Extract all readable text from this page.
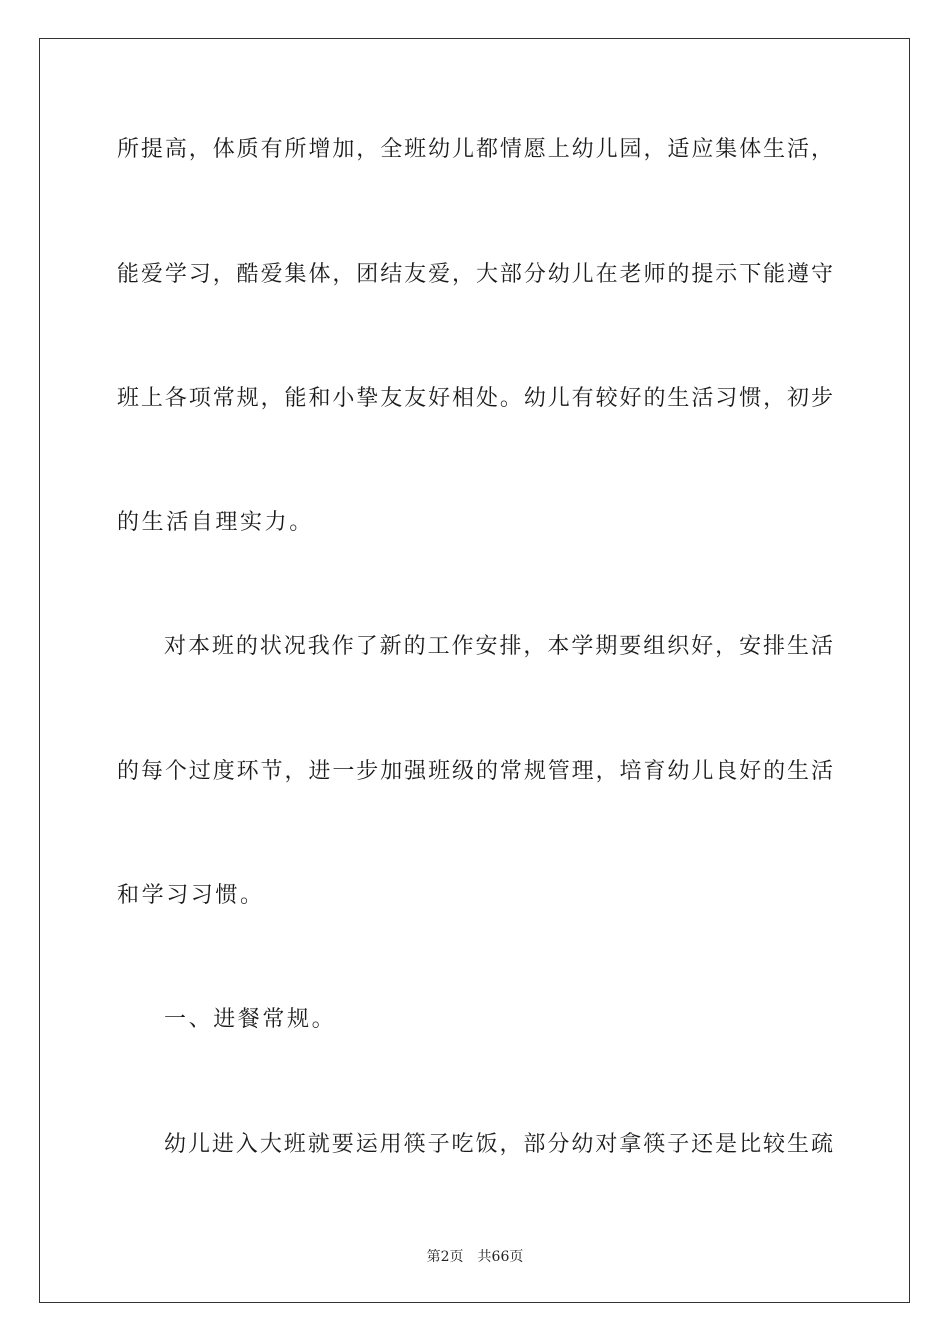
所提高，体质有所增加，全班幼儿都情愿上幼儿园，适应集体生活，
能爱学习，酷爱集体，团结友爱，大部分幼儿在老师的提示下能遵守
班上各项常规，能和小挚友友好相处。幼儿有较好的生活习惯，初步
的生活自理实力。
对本班的状况我作了新的工作安排，本学期要组织好，安排生活
的每个过度环节，进一步加强班级的常规管理，培育幼儿良好的生活
和学习习惯。
一、进餐常规。
幼儿进入大班就要运用筷子吃饭，部分幼对拿筷子还是比较生疏
第2页 共66页
